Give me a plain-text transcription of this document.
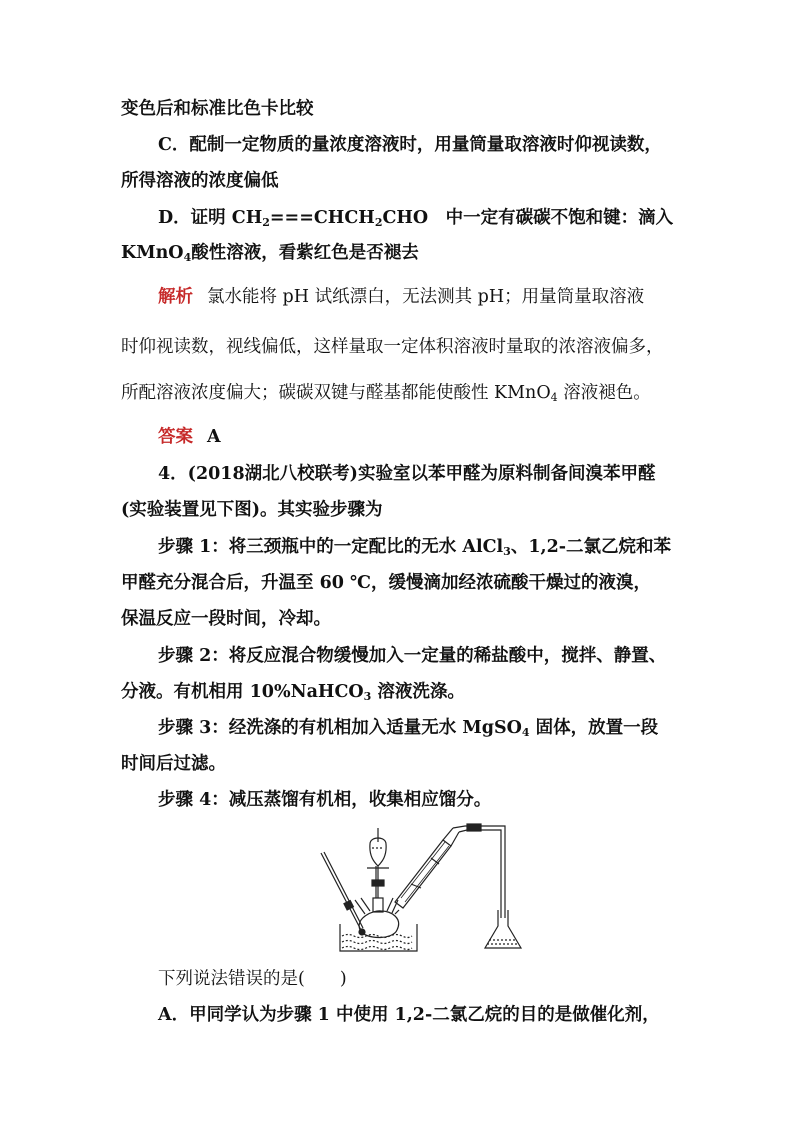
变色后和标准比色卡比较
C．配制一定物质的量浓度溶液时，用量筒量取溶液时仰视读数，
所得溶液的浓度偏低
D．证明 $CH_2===CHCH_2CHO$　中一定有碳碳不饱和键：滴入
KMnO$_4$酸性溶液，看紫红色是否褪去
解析 氯水能将 pH 试纸漂白，无法测其 pH；用量筒量取溶液
时仰视读数，视线偏低，这样量取一定体积溶液时量取的浓溶液偏多，
所配溶液浓度偏大；碳碳双键与醛基都能使酸性 KMnO$_4$ 溶液褪色。
答案 A
4．(2018湖北八校联考)实验室以苯甲醛为原料制备间溴苯甲醛
(实验装置见下图)。其实验步骤为
步骤 1：将三颈瓶中的一定配比的无水 AlCl$_3$、1,2-二氯乙烷和苯
甲醛充分混合后，升温至 60 ℃，缓慢滴加经浓硫酸干燥过的液溴，
保温反应一段时间，冷却。
步骤 2：将反应混合物缓慢加入一定量的稀盐酸中，搅拌、静置、
分液。有机相用 10%NaHCO$_3$ 溶液洗涤。
步骤 3：经洗涤的有机相加入适量无水 MgSO$_4$ 固体，放置一段
时间后过滤。
步骤 4：减压蒸馏有机相，收集相应馏分。
下列说法错误的是(　　)
A．甲同学认为步骤 1 中使用 1,2-二氯乙烷的目的是做催化剂，
